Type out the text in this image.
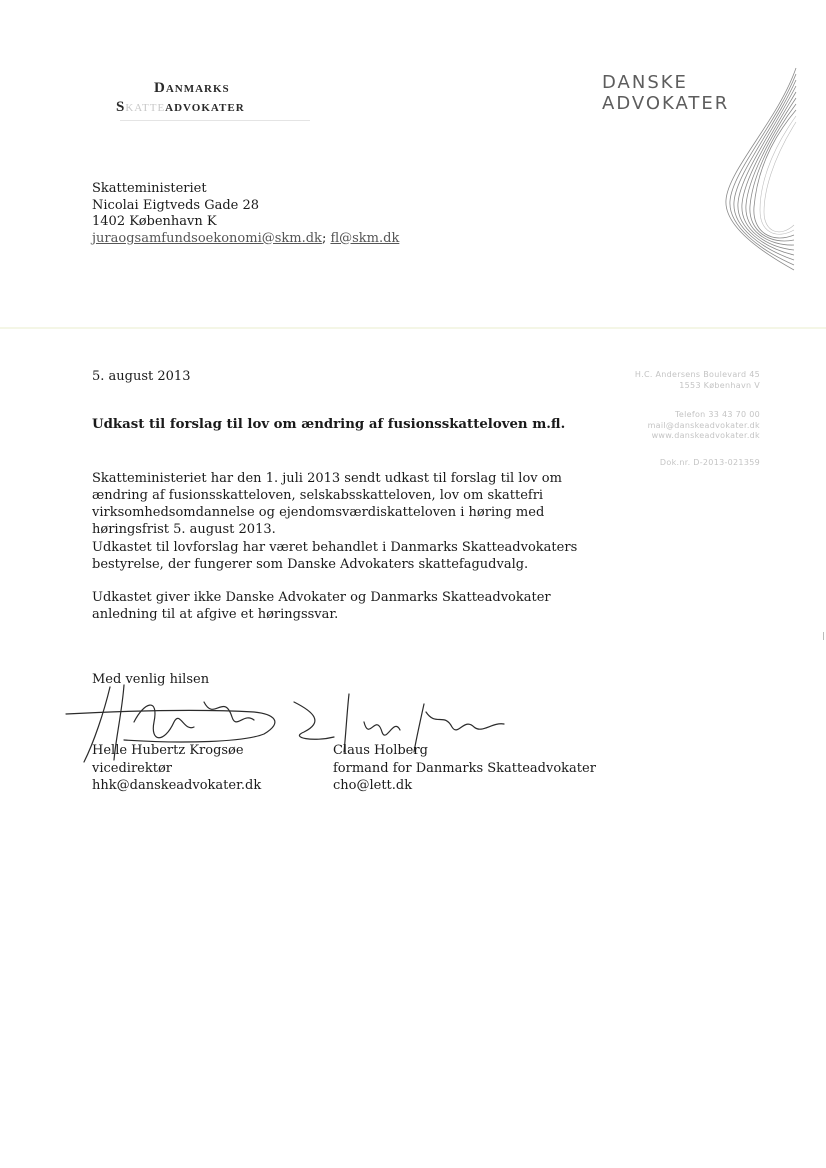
Danmarks
Skatteadvokater
DANSKE
ADVOKATER
Skatteministeriet
Nicolai Eigtveds Gade 28
1402 København K
juraogsamfundsoekonomi@skm.dk; fl@skm.dk
H.C. Andersens Boulevard 45
1553 København V
Telefon 33 43 70 00
mail@danskeadvokater.dk
www.danskeadvokater.dk
Dok.nr. D-2013-021359
5. august 2013
Udkast til forslag til lov om ændring af fusionsskatteloven m.fl.
Skatteministeriet har den 1. juli 2013 sendt udkast til forslag til lov om ændring af fusionsskatteloven, selskabsskatteloven, lov om skattefri virksomhedsomdannelse og ejendomsværdiskatteloven i høring med høringsfrist 5. august 2013.
Udkastet til lovforslag har været behandlet i Danmarks Skatteadvokaters bestyrelse, der fungerer som Danske Advokaters skattefagudvalg.
Udkastet giver ikke Danske Advokater og Danmarks Skatteadvokater anledning til at afgive et høringssvar.
Med venlig hilsen
Helle Hubertz Krogsøe
vicedirektør
hhk@danskeadvokater.dk
Claus Holberg
formand for Danmarks Skatteadvokater
cho@lett.dk
